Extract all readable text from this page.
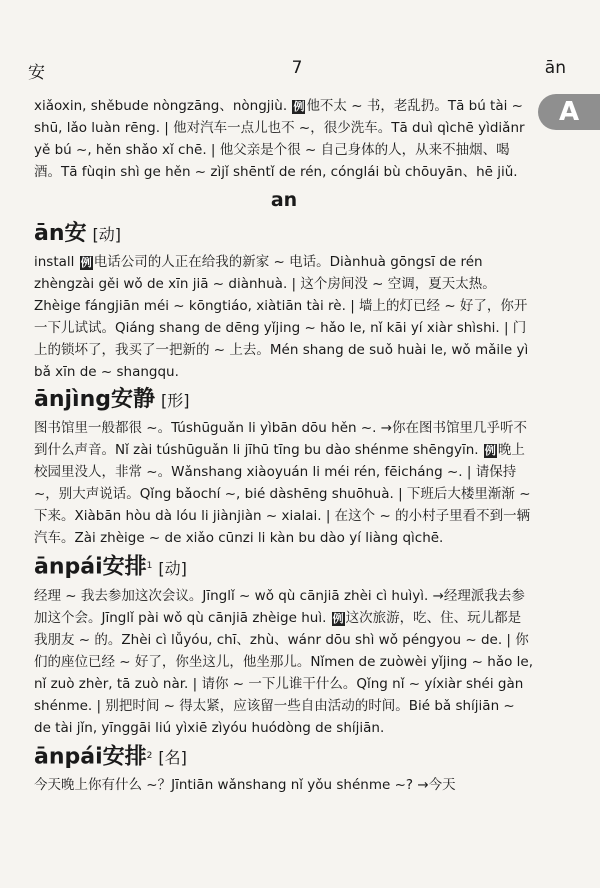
安	7	ān
A

xiǎoxin, shěbude nòngzāng、nòngjiù. 例 他不太 ~ 书，老乱扔。Tā bú tài ~ shū, lǎo luàn rēng. | 他对汽车一点儿也不 ~，很少洗车。Tā duì qìchē yìdiǎnr yě bú ~, hěn shǎo xǐ chē. | 他父亲是个很 ~ 自己身体的人，从来不抽烟、喝酒。Tā fùqin shì ge hěn ~ zìjǐ shēntǐ de rén, cónglái bù chōuyān、hē jiǔ.

an
ān安 [动]

install 例 电话公司的人正在给我的新家 ~ 电话。Diànhuà gōngsī de rén zhèngzài gěi wǒ de xīn jiā ~ diànhuà. | 这个房间没 ~ 空调，夏天太热。Zhèige fángjiān méi ~ kōngtiáo, xiàtiān tài rè. | 墙上的灯已经 ~ 好了，你开一下儿试试。Qiáng shang de dēng yǐjing ~ hǎo le, nǐ kāi yí xiàr shìshi. | 门上的锁坏了，我买了一把新的 ~ 上去。Mén shang de suǒ huài le, wǒ mǎile yì bǎ xīn de ~ shangqu.

ānjìng安静 [形]

图书馆里一般都很 ~。Túshūguǎn li yìbān dōu hěn ~. →你在图书馆里几乎听不到什么声音。Nǐ zài túshūguǎn li jīhū tīng bu dào shénme shēngyīn. 例 晚上校园里没人，非常 ~。Wǎnshang xiàoyuán li méi rén, fēicháng ~. | 请保持 ~，别大声说话。Qǐng bǎochí ~, bié dàshēng shuōhuà. | 下班后大楼里渐渐 ~ 下来。Xiàbān hòu dà lóu li jiànjiàn ~ xialai. | 在这个 ~ 的小村子里看不到一辆汽车。Zài zhèige ~ de xiǎo cūnzi li kàn bu dào yí liàng qìchē.

ānpái安排$^1$ [动]

经理 ~ 我去参加这次会议。Jīnglǐ ~ wǒ qù cānjiā zhèi cì huìyì. →经理派我去参加这个会。Jīnglǐ pài wǒ qù cānjiā zhèige huì. 例 这次旅游，吃、住、玩儿都是我朋友 ~ 的。Zhèi cì lǚyóu, chī、zhù、wánr dōu shì wǒ péngyou ~ de. | 你们的座位已经 ~ 好了，你坐这儿，他坐那儿。Nǐmen de zuòwèi yǐjing ~ hǎo le, nǐ zuò zhèr, tā zuò nàr. | 请你 ~ 一下儿谁干什么。Qǐng nǐ ~ yíxiàr shéi gàn shénme. | 别把时间 ~ 得太紧，应该留一些自由活动的时间。Bié bǎ shíjiān ~ de tài jǐn, yīnggāi liú yìxiē zìyóu huódòng de shíjiān.

ānpái安排$^2$ [名]

今天晚上你有什么 ~？Jīntiān wǎnshang nǐ yǒu shénme ~? →今天
